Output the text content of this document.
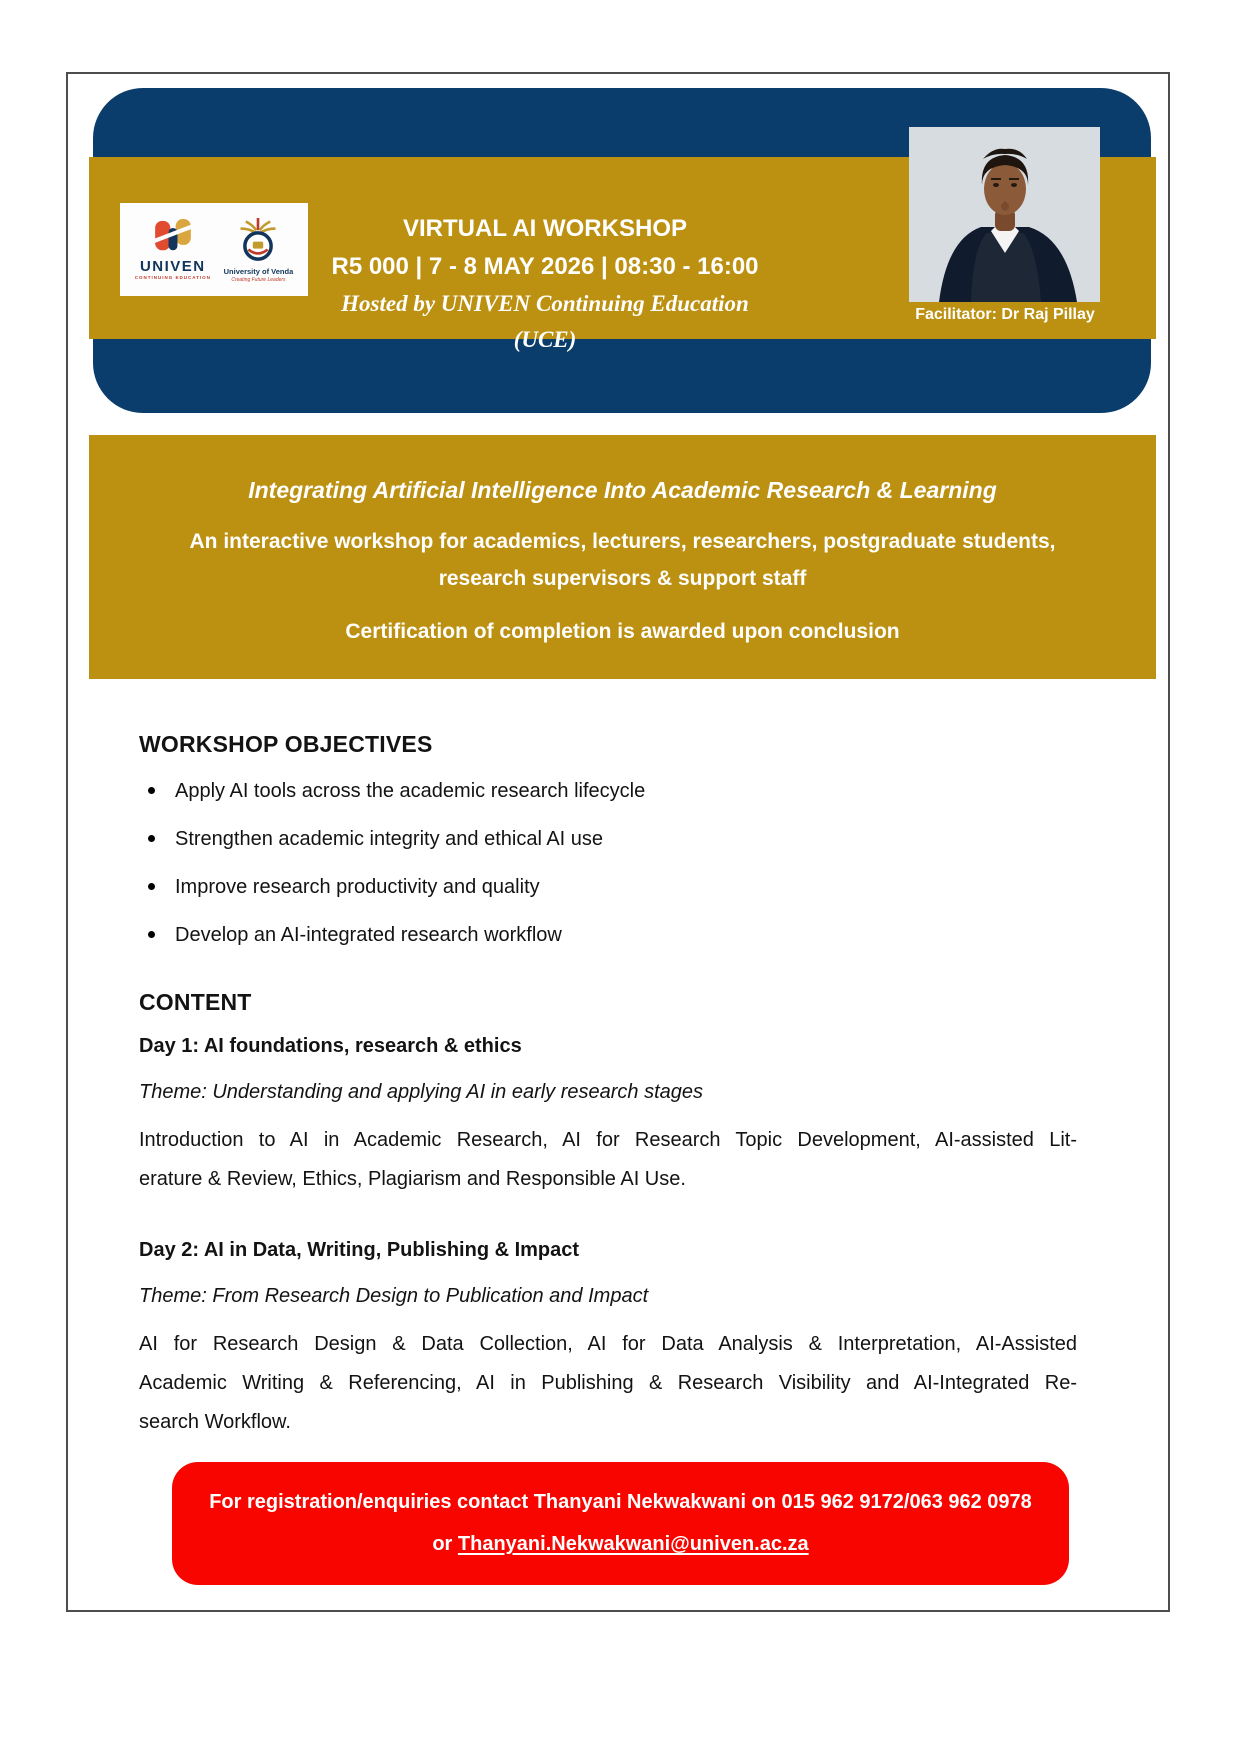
UNIVEN
CONTINUING EDUCATION
University of Venda
Creating Future Leaders
VIRTUAL AI WORKSHOP
R5 000 | 7 - 8 MAY 2026 | 08:30 - 16:00
Hosted by UNIVEN Continuing Education (UCE)
Facilitator: Dr Raj Pillay
Integrating Artificial Intelligence Into Academic Research & Learning
An interactive workshop for academics, lecturers, researchers, postgraduate students,
research supervisors & support staff
Certification of completion is awarded upon conclusion
WORKSHOP OBJECTIVES
Apply AI tools across the academic research lifecycle
Strengthen academic integrity and ethical AI use
Improve research productivity and quality
Develop an AI-integrated research workflow
CONTENT
Day 1: AI foundations, research & ethics
Theme: Understanding and applying AI in early research stages
Introduction to AI in Academic Research, AI for Research Topic Development, AI-assisted Lit-
erature & Review, Ethics, Plagiarism and Responsible AI Use.
Day 2: AI in Data, Writing, Publishing & Impact
Theme: From Research Design to Publication and Impact
AI for Research Design & Data Collection, AI for Data Analysis & Interpretation, AI-Assisted
Academic Writing & Referencing, AI in Publishing & Research Visibility and AI-Integrated Re-
search Workflow.
For registration/enquiries contact Thanyani Nekwakwani on 015 962 9172/063 962 0978
or Thanyani.Nekwakwani@univen.ac.za
